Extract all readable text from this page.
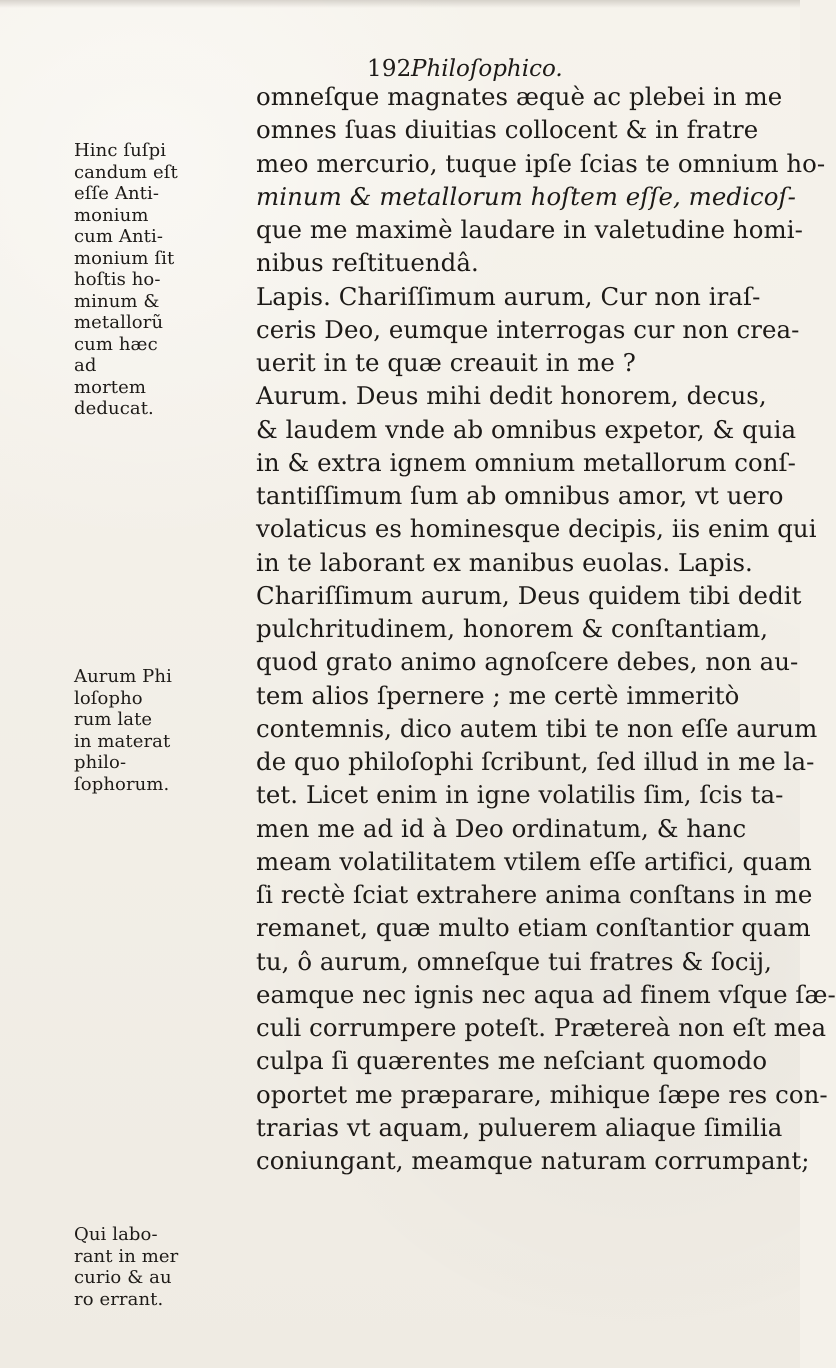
192 Philoſophico.
omneſque magnates æquè ac plebei in me
omnes ſuas diuitias collocent & in fratre
meo mercurio, tuque ipſe ſcias te omnium ho-
minum & metallorum hoſtem eſſe, medicoſ-
que me maximè laudare in valetudine homi-
nibus reſtituendâ.
Lapis. Chariſſimum aurum, Cur non iraſ-
ceris Deo, eumque interrogas cur non crea-
uerit in te quæ creauit in me ?
Aurum. Deus mihi dedit honorem, decus,
& laudem vnde ab omnibus expetor, & quia
in & extra ignem omnium metallorum conſ-
tantiſſimum ſum ab omnibus amor, vt uero
volaticus es hominesque decipis, iis enim qui
in te laborant ex manibus euolas. Lapis.
Chariſſimum aurum, Deus quidem tibi dedit
pulchritudinem, honorem & conſtantiam,
quod grato animo agnoſcere debes, non au-
tem alios ſpernere ; me certè immeritò
contemnis, dico autem tibi te non eſſe aurum
de quo philoſophi ſcribunt, ſed illud in me la-
tet. Licet enim in igne volatilis ſim, ſcis ta-
men me ad id à Deo ordinatum, & hanc
meam volatilitatem vtilem eſſe artifici, quam
ſi rectè ſciat extrahere anima conſtans in me
remanet, quæ multo etiam conſtantior quam
tu, ô aurum, omneſque tui fratres & ſocij,
eamque nec ignis nec aqua ad finem vſque ſæ-
culi corrumpere poteſt. Prætereà non eſt mea
culpa ſi quærentes me neſciant quomodo
oportet me præparare, mihique ſæpe res con-
trarias vt aquam, puluerem aliaque ſimilia
coniungant, meamque naturam corrumpant;
Hinc ſuſpi
candum eſt
eſſe Anti-
monium
cum Anti-
monium ſit
hoſtis ho-
minum &
metallorũ
cum hæc
ad
mortem
deducat.
Aurum Phi
loſopho
rum late
in materat
philo-
ſophorum.
Qui labo-
rant in mer
curio & au
ro errant.
